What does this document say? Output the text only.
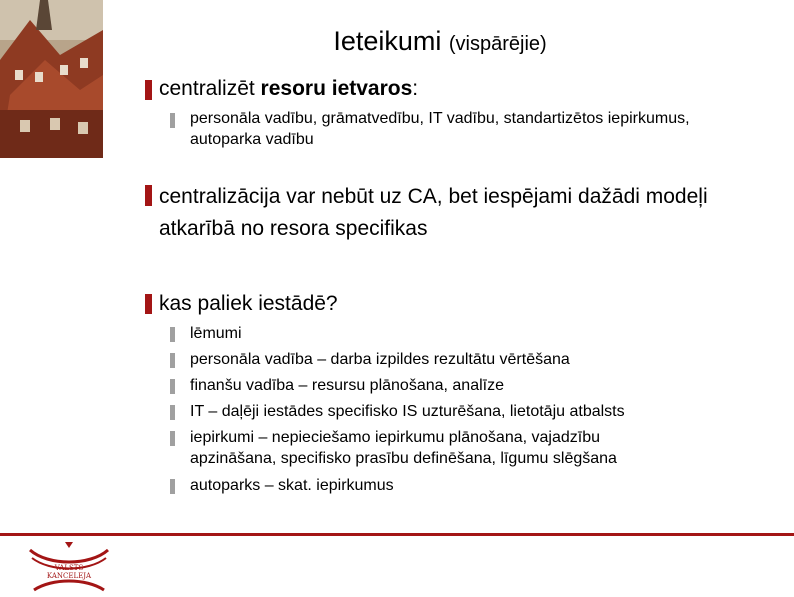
Ieteikumi (vispārējie)
centralizēt resoru ietvaros:
personāla vadību, grāmatvedību, IT vadību, standartizētos iepirkumus, autoparka vadību
centralizācija var nebūt uz CA, bet iespējami dažādi modeļi atkarībā no resora specifikas
kas paliek iestādē?
lēmumi
personāla vadība – darba izpildes rezultātu vērtēšana
finanšu vadība – resursu plānošana, analīze
IT – daļēji iestādes specifisko IS uzturēšana, lietotāju atbalsts
iepirkumi – nepieciešamo iepirkumu plānošana, vajadzību apzināšana, specifisko prasību definēšana, līgumu slēgšana
autoparks – skat. iepirkumus
VALSTS
KANCELEJA
